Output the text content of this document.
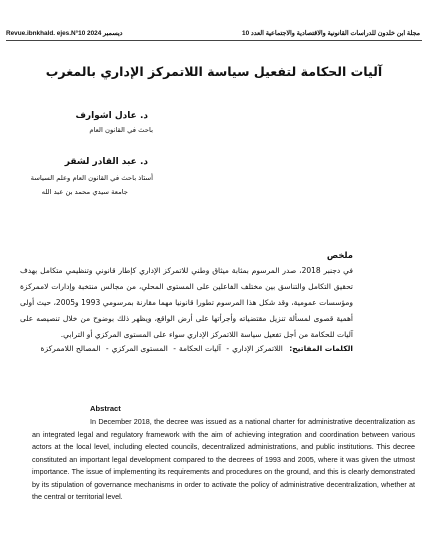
Revue.ibnkhald. ejes.N°10 2024 ديسمبر	مجلة ابن خلدون للدراسات القانونية والاقتصادية والاجتماعية العدد 10
آليات الحكامة لتفعيل سياسة اللاتمركز الإداري بالمغرب
د. عادل اشوارف
باحث في القانون العام
د. عبد القادر لشقر
أستاذ باحث في القانون العام وعلم السياسة
جامعة سيدي محمد بن عبد الله
ملخص
في دجنبر 2018، صدر المرسوم بمثابة ميثاق وطني للاتمركز الإداري كإطار قانوني وتنظيمي متكامل بهدف تحقيق التكامل والتناسق بين مختلف الفاعلين على المستوى المحلي، من مجالس منتخبة وإدارات لاممركزة ومؤسسات عمومية، وقد شكل هذا المرسوم تطورا قانونيا مهما مقارنة بمرسومي 1993 و2005، حيث أولى أهمية قصوى لمسألة تنزيل مقتضياته وأجرأتها على أرض الواقع، ويظهر ذلك بوضوح من خلال تنصيصه على آليات للحكامة من أجل تفعيل سياسة اللاتمركز الإداري سواء على المستوى المركزي أو الترابي.
الكلمات المفاتيح: اللاتمركز الإداري- آليات الحكامة- المستوى المركزي- المصالح اللاممركزة
Abstract
In December 2018, the decree was issued as a national charter for administrative decentralization as an integrated legal and regulatory framework with the aim of achieving integration and coordination between various actors at the local level, including elected councils, decentralized administrations, and public institutions. This decree constituted an important legal development compared to the decrees of 1993 and 2005, where it was given the utmost importance. The issue of implementing its requirements and procedures on the ground, and this is clearly demonstrated by its stipulation of governance mechanisms in order to activate the policy of administrative decentralization, whether at the central or territorial level.
